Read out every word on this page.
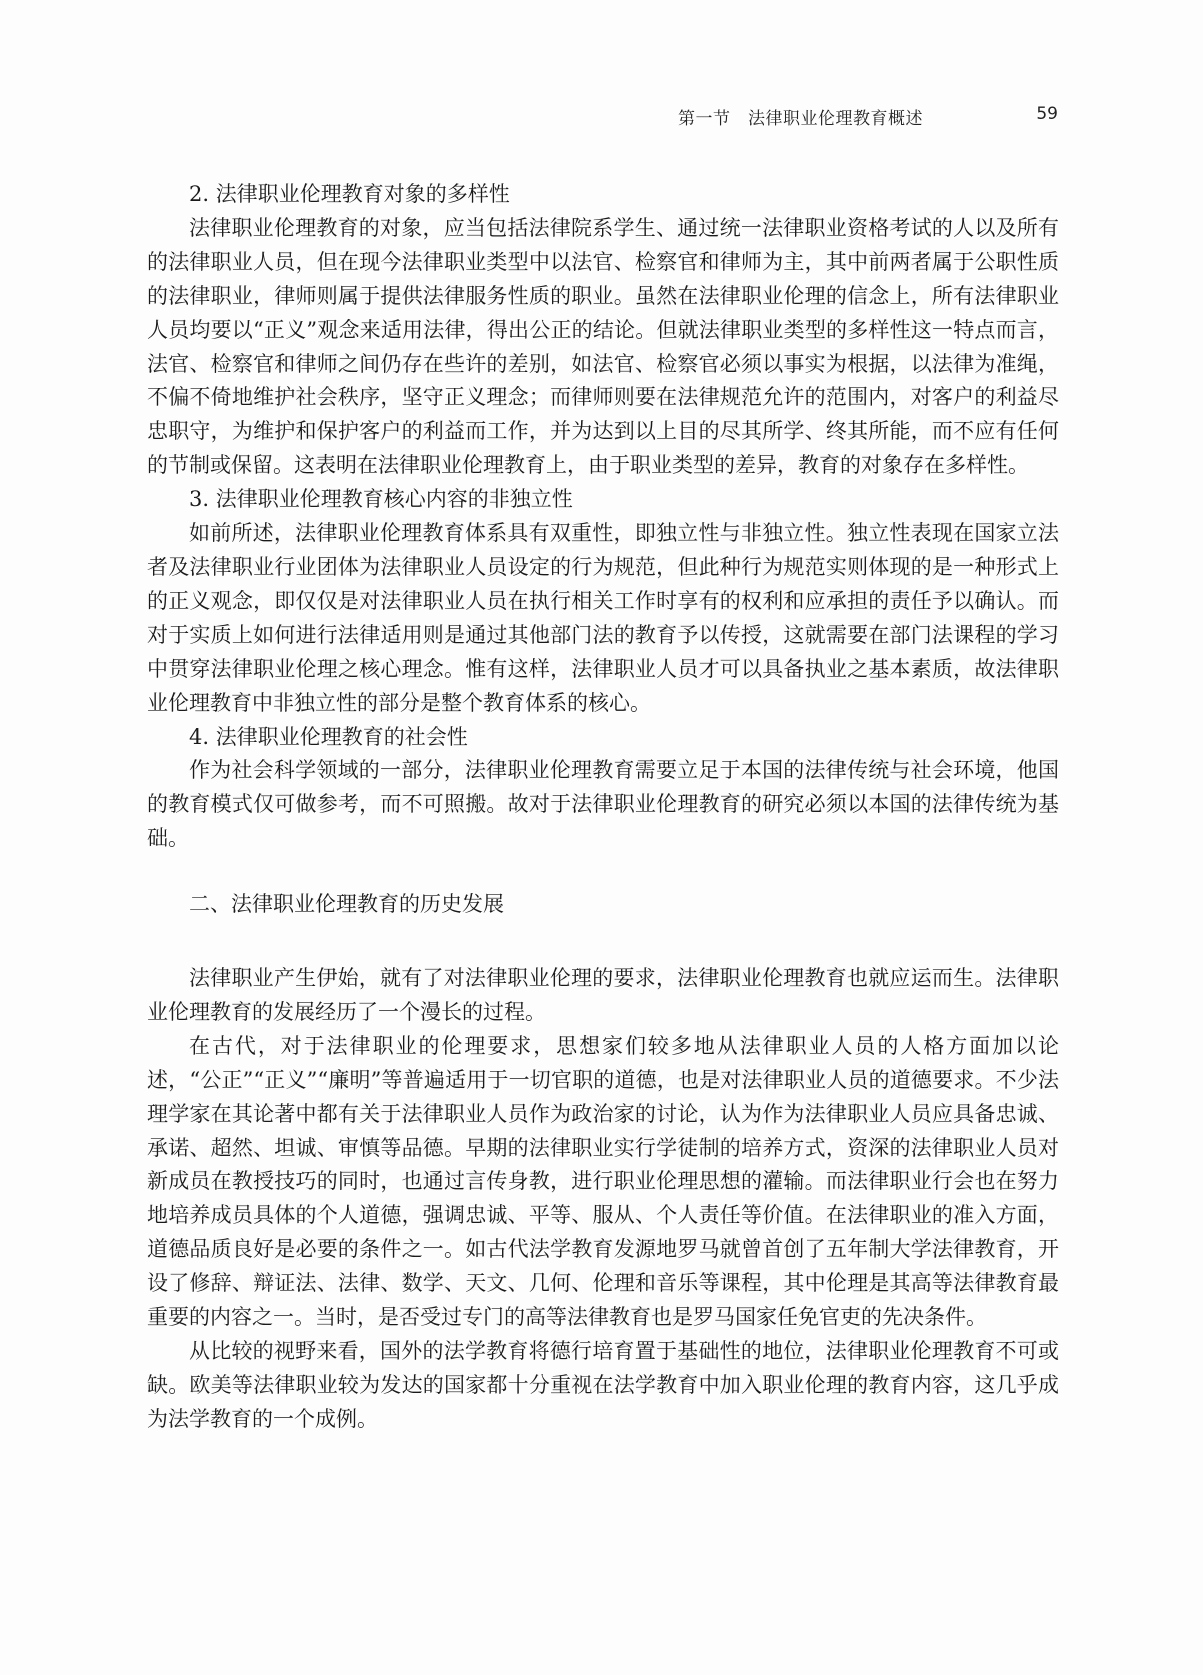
第一节　法律职业伦理教育概述	59
2. 法律职业伦理教育对象的多样性

法律职业伦理教育的对象，应当包括法律院系学生、通过统一法律职业资格考试的人以及所有的法律职业人员，但在现今法律职业类型中以法官、检察官和律师为主，其中前两者属于公职性质的法律职业，律师则属于提供法律服务性质的职业。虽然在法律职业伦理的信念上，所有法律职业人员均要以“正义”观念来适用法律，得出公正的结论。但就法律职业类型的多样性这一特点而言，法官、检察官和律师之间仍存在些许的差别，如法官、检察官必须以事实为根据，以法律为准绳，不偏不倚地维护社会秩序，坚守正义理念；而律师则要在法律规范允许的范围内，对客户的利益尽忠职守，为维护和保护客户的利益而工作，并为达到以上目的尽其所学、终其所能，而不应有任何的节制或保留。这表明在法律职业伦理教育上，由于职业类型的差异，教育的对象存在多样性。

3. 法律职业伦理教育核心内容的非独立性

如前所述，法律职业伦理教育体系具有双重性，即独立性与非独立性。独立性表现在国家立法者及法律职业行业团体为法律职业人员设定的行为规范，但此种行为规范实则体现的是一种形式上的正义观念，即仅仅是对法律职业人员在执行相关工作时享有的权利和应承担的责任予以确认。而对于实质上如何进行法律适用则是通过其他部门法的教育予以传授，这就需要在部门法课程的学习中贯穿法律职业伦理之核心理念。惟有这样，法律职业人员才可以具备执业之基本素质，故法律职业伦理教育中非独立性的部分是整个教育体系的核心。

4. 法律职业伦理教育的社会性

作为社会科学领域的一部分，法律职业伦理教育需要立足于本国的法律传统与社会环境，他国的教育模式仅可做参考，而不可照搬。故对于法律职业伦理教育的研究必须以本国的法律传统为基础。

二、法律职业伦理教育的历史发展

法律职业产生伊始，就有了对法律职业伦理的要求，法律职业伦理教育也就应运而生。法律职业伦理教育的发展经历了一个漫长的过程。

在古代，对于法律职业的伦理要求，思想家们较多地从法律职业人员的人格方面加以论述，“公正”“正义”“廉明”等普遍适用于一切官职的道德，也是对法律职业人员的道德要求。不少法理学家在其论著中都有关于法律职业人员作为政治家的讨论，认为作为法律职业人员应具备忠诚、承诺、超然、坦诚、审慎等品德。早期的法律职业实行学徒制的培养方式，资深的法律职业人员对新成员在教授技巧的同时，也通过言传身教，进行职业伦理思想的灌输。而法律职业行会也在努力地培养成员具体的个人道德，强调忠诚、平等、服从、个人责任等价值。在法律职业的准入方面，道德品质良好是必要的条件之一。如古代法学教育发源地罗马就曾首创了五年制大学法律教育，开设了修辞、辩证法、法律、数学、天文、几何、伦理和音乐等课程，其中伦理是其高等法律教育最重要的内容之一。当时，是否受过专门的高等法律教育也是罗马国家任免官吏的先决条件。

从比较的视野来看，国外的法学教育将德行培育置于基础性的地位，法律职业伦理教育不可或缺。欧美等法律职业较为发达的国家都十分重视在法学教育中加入职业伦理的教育内容，这几乎成为法学教育的一个成例。
